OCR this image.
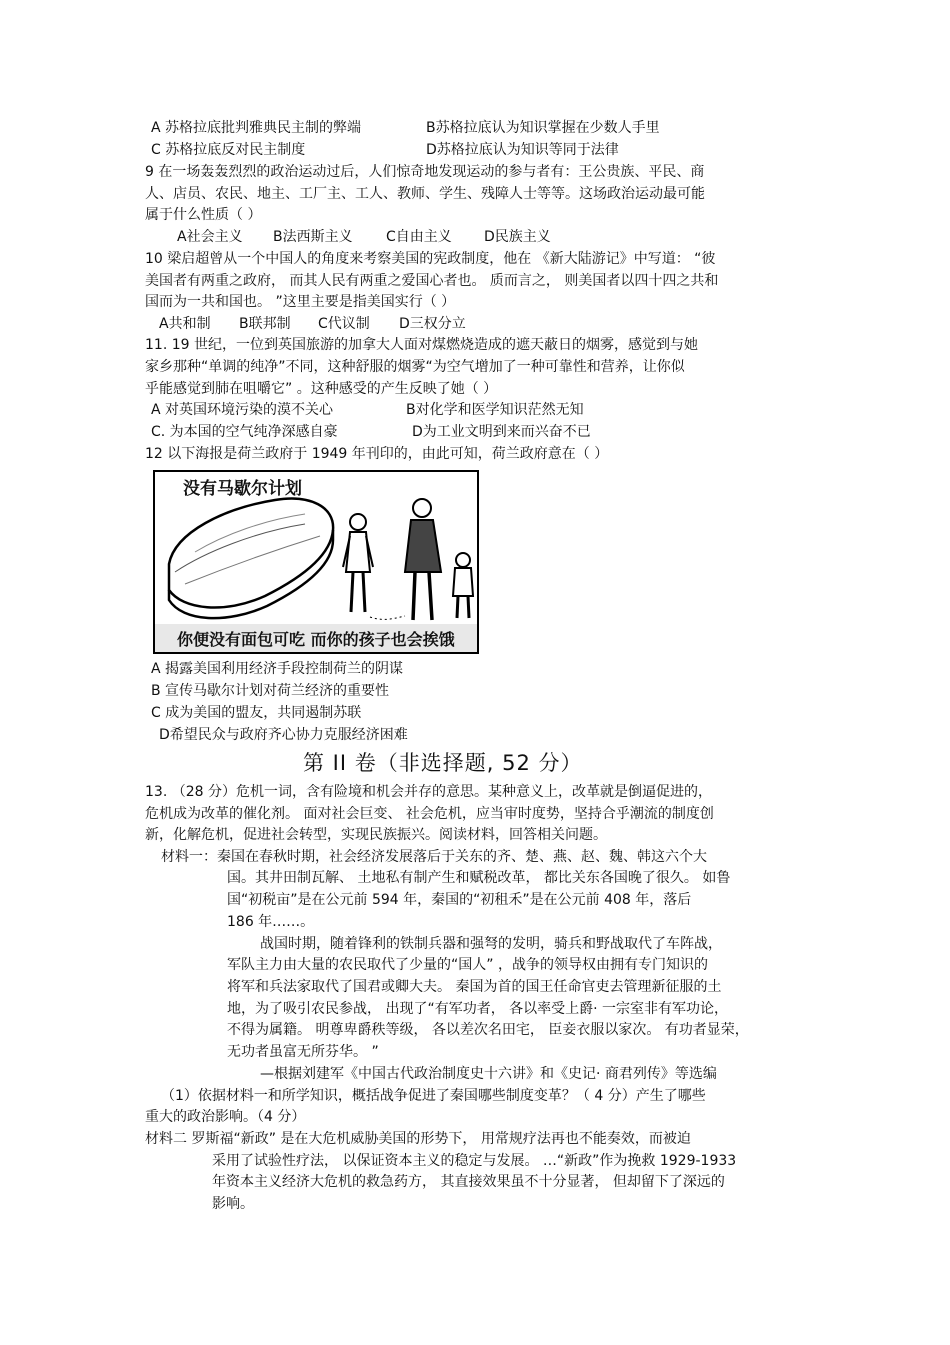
A 苏格拉底批判雅典民主制的弊端	B苏格拉底认为知识掌握在少数人手里
C 苏格拉底反对民主制度	D苏格拉底认为知识等同于法律
9 在一场轰轰烈烈的政治运动过后，人们惊奇地发现运动的参与者有：王公贵族、平民、商
人、店员、农民、地主、工厂主、工人、教师、学生、残障人士等等。这场政治运动最可能
属于什么性质（ ）
A社会主义 B法西斯主义 C自由主义 D民族主义
10 梁启超曾从一个中国人的角度来考察美国的宪政制度，他在 《新大陆游记》中写道： “彼
美国者有两重之政府， 而其人民有两重之爱国心者也。 质而言之， 则美国者以四十四之共和
国而为一共和国也。 ”这里主要是指美国实行（ ）
A共和制 B联邦制 C代议制 D三权分立
11. 19 世纪，一位到英国旅游的加拿大人面对煤燃烧造成的遮天蔽日的烟雾，感觉到与她
家乡那种“单调的纯净”不同，这种舒服的烟雾“为空气增加了一种可靠性和营养，让你似
乎能感觉到肺在咀嚼它” 。这种感受的产生反映了她（ ）
A 对英国环境污染的漠不关心	B对化学和医学知识茫然无知
C. 为本国的空气纯净深感自豪	D为工业文明到来而兴奋不已
12 以下海报是荷兰政府于 1949 年刊印的，由此可知，荷兰政府意在（ ）
没有马歇尔计划
你便没有面包可吃 而你的孩子也会挨饿
A 揭露美国利用经济手段控制荷兰的阴谋
B 宣传马歇尔计划对荷兰经济的重要性
C 成为美国的盟友，共同遏制苏联
D希望民众与政府齐心协力克服经济困难
第 II 卷（非选择题, 52 分）
13. （28 分）危机一词，含有险境和机会并存的意思。某种意义上，改革就是倒逼促进的，
危机成为改革的催化剂。 面对社会巨变、 社会危机，应当审时度势，坚持合乎潮流的制度创
新，化解危机，促进社会转型，实现民族振兴。阅读材料，回答相关问题。
材料一：秦国在春秋时期，社会经济发展落后于关东的齐、楚、燕、赵、魏、韩这六个大
国。其井田制瓦解、 土地私有制产生和赋税改革， 都比关东各国晚了很久。 如鲁
国“初税亩”是在公元前 594 年，秦国的“初租禾”是在公元前 408 年，落后
186 年……。
战国时期，随着锋利的铁制兵器和强弩的发明，骑兵和野战取代了车阵战，
军队主力由大量的农民取代了少量的“国人” ，战争的领导权由拥有专门知识的
将军和兵法家取代了国君或卿大夫。 秦国为首的国王任命官吏去管理新征服的土
地，为了吸引农民参战， 出现了“有军功者， 各以率受上爵· 一宗室非有军功论，
不得为属籍。 明尊卑爵秩等级， 各以差次名田宅， 臣妾衣服以家次。 有功者显荣，
无功者虽富无所芬华。 ”
—根据刘建军《中国古代政治制度史十六讲》和《史记· 商君列传》等选编
（1）依据材料一和所学知识，概括战争促进了秦国哪些制度变革？（ 4 分）产生了哪些
重大的政治影响。（4 分）
材料二 罗斯福“新政” 是在大危机威胁美国的形势下， 用常规疗法再也不能奏效，而被迫
采用了试验性疗法， 以保证资本主义的稳定与发展。 …“新政”作为挽救 1929-1933
年资本主义经济大危机的救急药方， 其直接效果虽不十分显著， 但却留下了深远的
影响。
